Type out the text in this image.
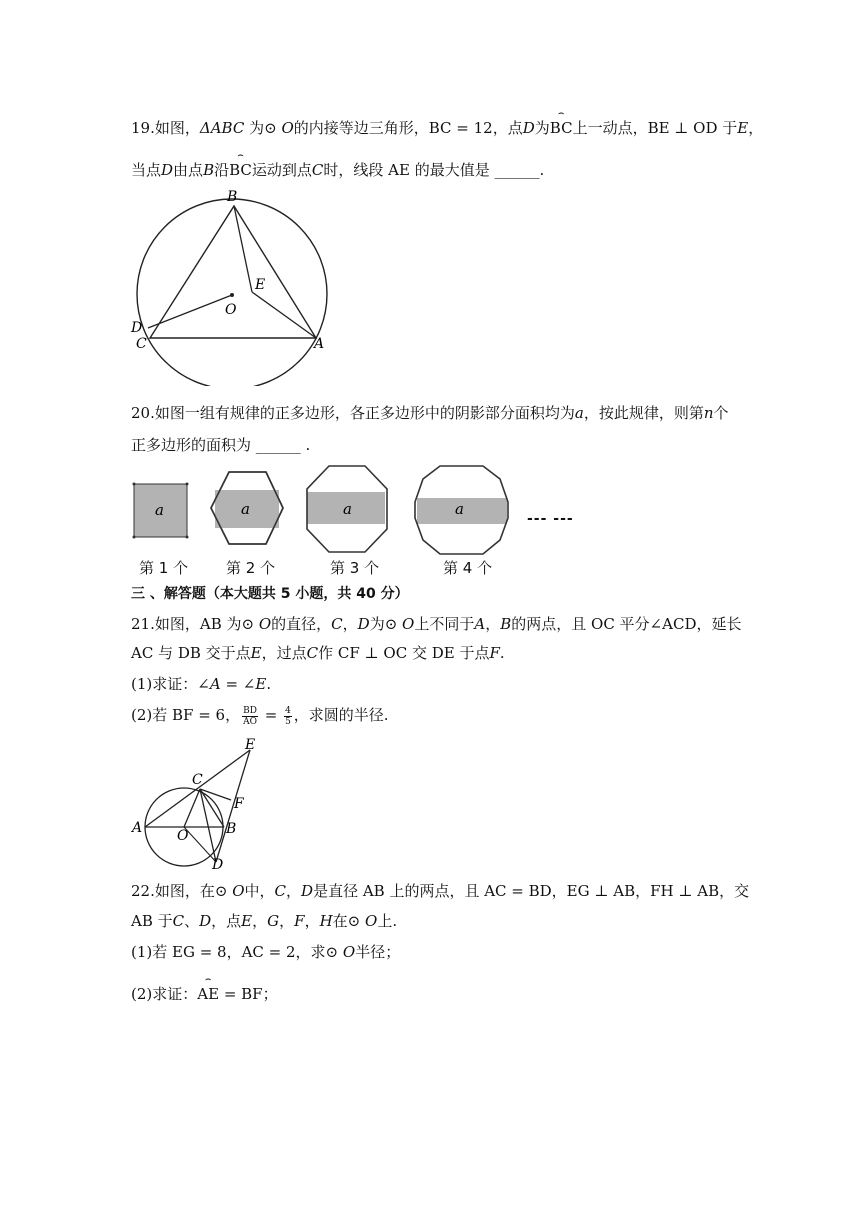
19.如图，ΔABC 为⊙ O的内接等边三角形，BC = 12，点D为⌢ BC上一动点，BE ⊥ OD 于E，
当点D由点B沿⌢ BC运动到点C时，线段 AE 的最大值是 ______.
B
E
O
D
C	A
20.如图一组有规律的正多边形，各正多边形中的阴影部分面积均为a，按此规律，则第n个
正多边形的面积为 ______ .
a	a	a	a
--- ---
第 1 个	第 2 个	第 3 个	第 4 个
三 、解答题（本大题共 5 小题，共 40 分）
21.如图，AB 为⊙ O的直径，C，D为⊙ O上不同于A，B的两点，且 OC 平分∠ACD，延长
AC 与 DB 交于点E，过点C作 CF ⊥ OC 交 DE 于点F.
(1)求证：∠A = ∠E.
(2)若 BF = 6， $\frac{BD}{AO} = \frac{4}{5}$ ，求圆的半径.
E
C
F
A O	B
D
22.如图，在⊙ O中，C，D是直径 AB 上的两点，且 AC = BD，EG ⊥ AB，FH ⊥ AB，交
AB 于C、D，点E，G，F，H在⊙ O上.
(1)若 EG = 8，AC = 2，求⊙ O半径；
(2)求证：⌢ AE = BF；
